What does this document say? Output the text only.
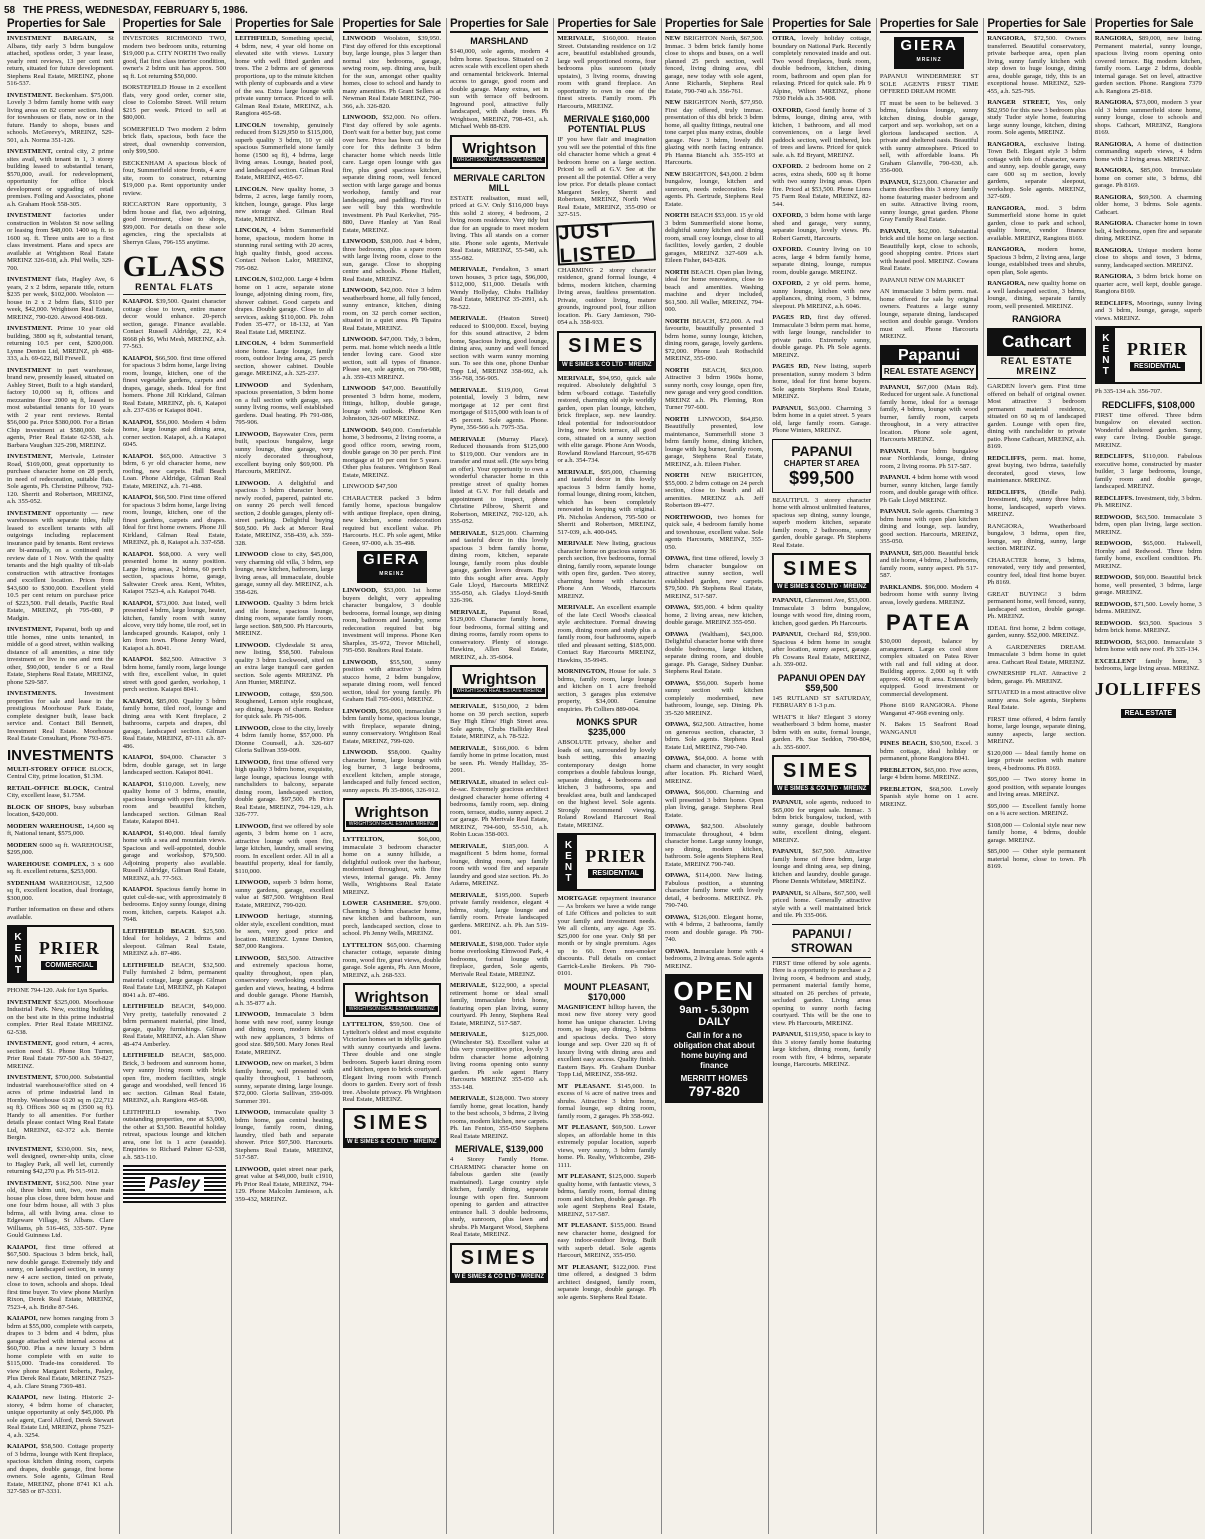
58 THE PRESS, WEDNESDAY, FEBRUARY 5, 1986.
Properties for Sale
INVESTMENT BARGAIN, St Albans, tidy early 3 bdrm bungalow attached, spotless order, 3 year lease, yearly rent reviews, 13 per cent nett return, situated for future development. Stephens Real Estate, MREINZ, phone 516-537.
INVESTMENT. Beckenham. $75,000. Lovely 3 bdrm family home with easy living areas on 82 corner section. Ideal for townhouses or flats, now or in the future. Handy to shops, buses and schools. McGreevy's, MREINZ, 529-501, a.h. Norma 351-126.
INVESTMENT, central city, 2 prime sites avail, with tenant in 1, 3 storey building leased to substantial tenant, $570,000, avail. for redevelopment, opportunity for office block development or upgrading of retail premises. Foiling and Associates, phone a.h. Graham Hook 558-305.
INVESTMENT factories under construction in Wolston St now selling or leasing from $48,000. 1400 sq. ft. to 1600 sq. ft. Three units are to a first class investment. Plans and specs are available at Wrightson Real Estate MREINZ 326-618, a.h. Phil Wells, 329-700.
INVESTMENT flats, Hagley Ave, 6 years, 2 x 2 bdrm, separate title, return $235 per week, $102,000. Woolston — house in 2 x 2 bdrm flats, $110 per week, $42,000. Wrightson Real Estate, MREINZ, 790-020. Atwood 498-969.
INVESTMENT. Prime 10 year old building, 3800 sq ft, substantial tenant, returning 10.5 per cent, $200,000. Lynne Denton Ltd, MREINZ, ph 488-333, a.h. 69-622, Bill Frewell.
INVESTMENT in part warehouse, brand new, presently leased, situated on Ashley Street, Built to a high standard, factory 10,000 sq ft, offices and mezzanine floor 2000 sq ft, leased to most substantial tenants for 10 years with 2 year rent reviews. Rental $56,000 pa. Price $380,000. For a Brian Chip investment at $580,000. Sole agents, Prier Real Estate 62-538, a.h. Barbara Vaughan 325-298, MREINZ.
INVESTMENT, Merivale, Leinster Road, $169,000, great opportunity to purchase character home on 28 perch, in need of redecoration, suitable flats. Sole agents, Ph. Christine Pilbrow, 792-120. Sherrit and Robertson, MREINZ, a.h. 355-052.
INVESTMENT opportunity — new warehouses with separate titles, fully leased to excellent tenants with all outgoings including replacement insurance paid by tenants. Rent reviews are bi-annually, on a continued rent review date of 1 Nov. With the quality tenants and the high quality of tilt-slab construction with attractive frontages and excellent location. Prices from $43,600 to $300,000. Excellent yield 10.5 per cent return on purchase price of $223,500. Full details, Pacific Real Estate, MREINZ, ph 795-080, P Madgin.
INVESTMENT, Papanui, both up and title homes, nine units tenanted, in middle of a good street, within walking distance of all amenities, a nine tidy investment or live in one and rent the other, $90,000, tender 6 or a Real Estate, Stephens Real Estate, MREINZ, phone 529-587.
INVESTMENTS.	Investment properties for sale and lease in the prestigious Moorhouse Park Estate, complete designer built, lease back service and. Contact Bill Bennett, Investment Real Estate. Moorhouse Real Estate Consultant, Phone 793-875.
INVESTMENTS
MULTI-STOREY OFFICE BLOCK, Central City, prime location, $1.3M.
RETAIL-OFFICE BLOCK, Central City, excellent lease, $1.75M.
BLOCK OF SHOPS, busy suburban location, $420,000.
MODERN WAREHOUSE, 14,600 sq ft, National tenant, $575,000.
MODERN 6000 sq ft. WAREHOUSE, $295,000.
WAREHOUSE COMPLEX, 3 x 600 sq. ft. excellent returns, $253,000.
SYDENHAM WAREHOUSE, 12,500 sq ft, excellent location, dual frontage, $300,000.
Further information on these and others available.
K
E
N
T
PRIER
COMMERCIAL
PHONE 794-120. Ask for Lyn Sparks.
INVESTMENT $325,000. Moorhouse Industrial Park. New, exciting building on the best site in this prime industrial complex. Prier Real Estate MREINZ. 62-538.
INVESTMENT, good return, 4 acres, section need $1. Phone Ron Turner, Prier Real Estate 797-500 a.h. 59-827, MREINZ.
INVESTMENT, $700,000. Substantial industrial warehouse/office sited on 4 acres of prime industrial land in Hornby. Warehouse 6120 sq m (22,712 sq ft). Offices 360 sq m (3500 sq ft). Handy to all amenities. For further details please contact Wing Real Estate Ltd, MREINZ, 62-372 a.h. Bernie Bergin.
INVESTMENT, $330,000. Six, new, well designed, owner-ship units, close to Hagley Park, all well let, currently returning $42,270 p.a. Ph 515-912.
INVESTMENT, $162,500. Nine year old, three bdrm unit, two, own main house plus close, three bdrm house and one four bdrm house, all with 3 plus bdrms, all with living area. close to Edgeware Village, St Albans. Clare Williams, ph 516-465, 335-507. Pyne Gould Guinness Ltd.
KAIAPOI, first time offered at $67,500. Spacious 3 bdrm brick, hall, new double garage. Extremely tidy and sunny, on landscaped section, in sunny new 4 acre section, tinted on private, close to town, schools and shops. Ideal first time buyer. To view phone Marilyn Rixon, Derek Real Estate, MREINZ, 7523-4, a.h. Bridie 87-546.
KAIAPOI, new homes ranging from 3 bdrm at $55,000, complete with carpets, drapes to 3 bdrm and 4 bdrm, plus garage attached with internal access at $60,700. Plus a new luxury 3 bdrm home complete with en suite to $115,000. Trade-ins considered. To view phone Margaret Roberts, Pasley, Plus Derek Real Estate, MREINZ 7523-4, a.h. Clare Strang 7369-481.
KAIAPOI, new listing. Historic 2-storey, 4 bdrm home of character, unique opportunity at only $45,000. Ph sole agent, Carol Alford, Derek Stewart Real Estate Ltd, MREINZ, phone 7523-4, a.h. 3254.
KAIAPOI, $58,500. Cottage property of 3 bdrms, lounge with Kent fireplace, spacious kitchen dining room, carpets and drapes, double garage, first home owners. Sole agents, Gilman Real Estate, MREINZ, phone 8741 K1 a.h. 327-583 or 87-3331.
Properties for Sale
INVESTORS RICHMOND TWO, modern two bedroom units, returning $19,000 p.a. CITY NORTH Two really good, flat first class interior condition, owner's 2 bdrm unit has approx. 500 sq ft. Lot returning $50,000.
BORSTEFIELD House in 2 excellent flats, very good order, corner site, close to Colombo Street. Will return $215 per week. Priced to sell at $80,000.
SOMERFIELD Two modern 2 bdrm brick flats, spacious, both face the street, dual ownership conversion, only $99,500.
BECKENHAM A spacious block of four, Summerfield stone fronts, 4 acre site, room to construct, returning $19,000 p.a. Rent opportunity under review.
RICCARTON Rare opportunity, 3 bdrm house and flat, two adjoining, good investment, close to shops, $99,000. For details on these sole agencies, ring the specialists at Sherryn Glass, 796-155 anytime.
GLASS
RENTAL FLATS
KAIAPOI. $39,500. Quaint character cottage close to town, entire manor decor would enhance. 20-perch section, garage. Finance available. Contact Russell Aldridge, 22, K:4 R668 ph $6, Whi Mesh, MREINZ, a.h. 77-563.
KAIAPOI, $66,500. first time offered for spacious 3 bdrm home, large living room, lounge, kitchen, one of the finest vegetable gardens, carpets and drapes, garage, sheds. Ideal for first homers. Phone Jill Kirkland, Gilman Real Estate, MREINZ, ph. 6, Kaiapoi a.h. 237-636 or Kaiapoi 8041.
KAIAPOI, $56,000. Modern 4 bdrm home, large lounge and dining area, corner section. Kaiapoi, a.h. a Kaiapoi 6045.
KAIAPOI. $65,000. Attractive 3 bdrm, 6 yr old character home, new roofing, new carpets. Hall Beach Loan. Phone Aldridge, Gilman Real Estate, MREINZ, a.h. 71-488.
KAIAPOI, $66,500. First time offered for spacious 3 bdrm home, large living room, lounge, kitchen, one of the finest gardens, carpets and drapes. Ideal for first home owners. Phone Jill Kirkland, Gilman Real Estate, MREINZ, ph. 8, Kaiapoi a.h. 337-658.
KAIAPOI. $68,000. A very well presented home in sunny position. Large living areas, 2 bdrms, 60 perch section, spacious home, garage, Saltwater Creek area. Kent, Whites, Kaiapoi 7523-4, a.h. Kaiapoi 7648.
KAIAPOI, $73,000. Just listed, well presented 4 bdrm, large lounge, heater, kitchen, family room with sunny alcove, very tidy home, tile roof, set in landscaped grounds. Kaiapoi, only 1 km from town. Phone Jenny Ward, Kaiapoi a.h. 8041.
KAIAPOI. $82,500. Attractive 3 bdrm home, family room, large lounge with fire, excellent value, in quiet street with good garden, workshop, 1 perch section. Kaiapoi 8041.
KAIAPOI, $85,000. Quality 3 bdrm family home, tiled roof, lounge and dining area with Kent fireplace, 2 bathrooms, carpets and drapes, dbl garage, landscaped section. Gilman Real Estate, MREINZ, 87-111 a.h. 87-486.
KAIAPOI, $94,000. Character 3 bdrm, double garage, set in large landscaped section. Kaiapoi 8041.
KAIAPOI, $110,000. Lovely, new quality home of 3 bdrms, ensuite, spacious lounge with open fire, family room and beautiful kitchen, landscaped section. Gilman Real Estate, Kaiapoi 8041.
KAIAPOI, $140,000. Ideal family home with a sea and mountain views. Spacious and well-appointed, double garage and workshop, $79,500. Adjoining property also available. Russell Aldridge, Gilman Real Estate, MREINZ, a.h. 77-563.
KAIAPOI. Spacious family home in quiet cul-de-sac, with approximately 8 bedrooms. Enjoy sunny lounge, dining room, kitchen, carpets. Kaiapoi a.h. 7648.
LEITHFIELD BEACH. $25,500. Ideal for holidays, 2 bdrms and sleepout. Gilman Real Estate, MREINZ a.h. 87-486.
LEITHFIELD BEACH, $32,500. Fully furnished 2 bdrm, permanent material cottage, large garage. Gilman Real Estate Ltd, MREINZ, ph Kaiapoi 8041 a.h. 87-486.
LEITHFIELD BEACH, $49,000. Very pretty, tastefully renovated 2 bdrm permanent material, pine lined, garage, quality furnishings. Gilman Real Estate, MREINZ, a.h. Alan Shaw 48-474 Amberley.
LEITHFIELD BEACH, $85,000. Brick, 3 bedroom and sunroom home, very sunny living room with brick open fire, modern facilities, single garage and woodshed, well fenced 16 sec section. Gilman Real Estate, MREINZ, a.h. Rangiora 465-68.
LEITHFIELD township. Two outstanding properties, one at $3,000, the other at $3,500. Beautiful holiday retreat, spacious lounge and kitchen area, one lot is 1 acre (seaside). Enquiries to Richard Palmer 62-538, a.h. 583-110.
Pasley
Properties for Sale
LEITHFIELD, Something special, 4 bdrm, new, 4 year old home on elevated site with views. Luxury home with well fitted garden and trees. The 2 bdrms are of generous proportions, up to the minute kitchen with plenty of cupboards and a view of the sea. Extra large lounge with private sunny terrace. Priced to sell. Gilman Real Estate, MREINZ, a.h. Rangiora 465-68.
LINCOLN township, genuinely reduced from $129,950 to $115,000, superb quality 3 bdrm, 10 yr old spacious Summerfield stone family home (1500 sq ft), 4 bdrms, large living areas. Lounge, heated pool, and landscaped section. Gilman Real Estate, MREINZ, 465-67.
LINCOLN. New quality home, 3 bdrms, 2 acres, large family room, kitchen, lounge, garage. Plus large new storage shed. Gilman Real Estate, MREINZ.
LINCOLN, 4 bdrm Summerfield home, spacious, modern home in stunning rural setting with 20 acres, high quality finish, good access. Contact Nelson Lalor, MREINZ, 795-082.
LINCOLN, $102,000. Large 4 bdrm home on 1 acre, separate stone lounge, adjoining dining room, fire, shower cabinet. Good carpets and drapes. Double garage. Close to all services, asking $110,000. Ph. John Foden 35-477, or 18-132, at Yan Real Estate Ltd, MREINZ.
LINCOLN, 4 bdrm Summerfield stone home. Large lounge, family room, outdoor living area, 25 perch section, shower cabinet. Double garage. MREINZ, a.h. 325-237.
LINWOOD and Sydenham, spacious presentation, 3 bdrm home on a full section with garage, sep. sunny living rooms, well established gardens. Dual heating. Ph 791-086, 795-906.
LINWOOD, Bayswater Cres, perm built, spacious bungalow, large sunny lounge, dine garage, very nicely decorated throughout, excellent buying only $69,900. Ph Harcourts, MREINZ.
LINWOOD. A delightful and spacious 3 bdrm character home, newly roofed, papered, painted etc. on sunny 26 perch well fenced section, 2 double garages, plenty off-street parking. Delightful buying $69,500. Ph Jack at Mercer Real Estate, MREINZ, 358-439, a.h. 359-328.
LINWOOD close to city, $45,000, very charming old villa, 3 bdrm, sep lounge, new kitchen, bathroom, large living areas, all immaculate, double garage, sunny all day. MREINZ, a.h. 358-626.
LINWOOD. Quality 3 bdrm brick and tile home, spacious lounge, dining room, separate family room, large section. $89,500. Ph Harcourts, MREINZ.
LINWOOD. Clydesdale St area, new listing, $58,500. Fabulous quality 3 bdrm Lockwood, sited on an extra large tranquil care garden section. Sole agents MREINZ. Ph Ann Hunter, MREINZ.
LINWOOD, cottage, $59,500. Roughened, Lemon style roughcast, sep dining, heaps of charm. Reduce for quick sale. Ph 795-006.
LINWOOD, close to the city, lovely 4 bdrm family home, $57,000. Ph Dionne Counsell, a.h. 326-607 Gloria Sullivan 359-009.
LINWOOD, first time offered very high quality 3 bdrm home, exquisite, large lounge, spacious lounge with ranchsliders to balcony, separate dining room, landscaped section, double garage. $97,500. Ph Prior Real Estate, MREINZ, 794-129, a.h. 326-777.
LINWOOD, first we offered by sole agents, 3 bdrm home on 1 acre, attractive lounge with open fire, large kitchen, laundry, small sewing room. In excellent order. All in all a beautiful property, ideal for family, $110,000.
LINWOOD, superb 3 bdrm home, sunny gardens, garage, excellent value at $87,500. Wrightson Real Estate, MREINZ, 799-020.
LINWOOD heritage, stunning, older style, excellent condition, must be seen, very good price and location. MREINZ. Lynne Denton, $87,000 Rangiora.
LINWOOD, $83,500. Attractive and extremely spacious home, quality throughout, open plan, conservatory overlooking excellent garden and views, heating, 4 bdrms and double garage. Phone Hamish, a.h. 35-877 a.h.
LINWOOD, Immaculate 3 bdrm home with new roof, sunny lounge and dining room, modern kitchen with new appliances, 3 bdrms of good size. $89,500. Mary Jones Real Estate, MREINZ.
LINWOOD, new on market, 3 bdrm family home, well presented with quality throughout, 1 bathroom, sunny, separate dining, large lounge. $72,000. Gloria Sullivan, 359-009. Summer 391.
LINWOOD, immaculate quality 3 bdrm home, gas central heating, lounge, family room, dining, laundry, tiled bath and separate shower. Price $97,500. Harcourts. Stephens Real Estate, MREINZ, 517-587.
LINWOOD, quiet street near park, great value at $49,000, built c1910, Ph Prior Real Estate, MREINZ, 794-129. Phone Malcolm Jamieson, a.h. 359-432, MREINZ.
Properties for Sale
LINWOOD Woolston, $39,950. First day offered for this exceptional buy, large lounge, plus 3 larger than normal size bedrooms, garage, sewing room, sep. dining area, built for the sun, amongst other quality homes, close to school and handy to many amenities. Ph Grant Sellers at Newman Real Estate MREINZ, 790-366, a.h. 326-820.
LINWOOD, $52,000. No offers. First day offered by sole agents. Don't wait for a better buy, just come over here. Price has been cut to the core for this definite 3 bdrm character home which needs little care. Large open lounge with gas fire, plus good spacious kitchen, separate dining room, well fenced section with large garage and bonus workshop, family and rear landscaping, and paddling. First to see will buy this worthwhile investment. Ph Paul Kerkvliet, 795-880, Dave Hanley at Yan Real Estate, MREINZ.
LINWOOD, $38,000. Just 4 bdrm, three bedrooms, plus a spare room with large living room, close to the sun, garage. Close to shopping centre and schools. Phone Hallett, Real Estate, MREINZ.
LINWOOD, $42,000. Nice 3 bdrm weatherboard home, all fully fenced, sunny entrance, kitchen, dining room, on 32 perch corner section, situated in a quiet area. Ph Tapaira Real Estate, MREINZ.
LINWOOD. $47,000. Tidy, 3 bdrm, perm. mat. home which needs a little tender loving care. Good size section, suit all types of finance. Please see, sole agents, on 790-988, a.h. 359-433 MREINZ.
LINWOOD $47,000. Beautifully presented 3 bdrm home, modern, fittings, hilltop, double garage, lounge with outlook. Phone Ken Johnston, 326-607 MREINZ.
LINWOOD. $49,000. Comfortable home, 3 bedrooms, 2 living rooms, a good office room, sewing room, double garage on 30 per perch. First mortgage at 10 per cent for 5 years. Other plus features. Wrightson Real Estate, MREINZ.
LINWOOD $47,500
CHARACTER packed 3 bdrm family home, spacious bungalow with antique fireplace, open dining, new kitchen, some redecoration required but excellent value. Ph Harcourts. H.C. Ph sole agent, Mike Green, 97-000, a.h. 35-498.
GIERA
MREINZ
LINWOOD, $53,000. 1st home buyers delight, very appealing character bungalow, 3 double bedrooms, formal lounge, sep dining room, bathroom and laundry, some redecoration required but big investment will impress. Phone Ken Sharples, 35-972, Trevor Mitchell, 795-050. Realtors Real Estate.
LINWOOD, $55,500, sunny position with attractive 3 bdrm stucco home, 2 bdrm bungalow, separate dining room, well fenced section, ideal for young family. Ph Graham Hall 795-0061, MREINZ.
LINWOOD, $56,000, immaculate 3 bdrm family home, spacious lounge, with fireplace, separate dining, sunny conservatory. Wrightson Real Estate, MREINZ, 799-020.
LINWOOD. $58,000. Quality character home, large lounge with log burner, 3 large bedrooms, excellent kitchen, ample storage, landscaped and fully fenced section, sunny aspects. Ph 35-8066, 326-912.
Wrightson
WRIGHTSON REAL ESTATE MREINZ
LYTTELTON,	$66,000, immaculate 3 bedroom character home on a sunny hillside, a delightful outlook over the harbour, modernised throughout, with fine views, internal garage. Ph. Jenny Wells, Wrightsons Real Estate MREINZ.
LOWER CASHMERE. $79,000. Charming 3 bdrm character home, new kitchen and bathroom, sun porch, landscaped section, close to school. Ph Jenny Wells, MREINZ.
LYTTELTON $65,000. Charming character cottage, separate dining room, wood fire, great views, double garage. Sole agents, Ph. Ann Moore, MREINZ, a.h. 268-533.
Wrightson
WRIGHTSON REAL ESTATE MREINZ
LYTTELTON, $59,500. One of Lyttelton's oldest and most exquisite Victorian homes set in idyllic garden with sunny courtyards and lawns. Three double and one single bedroom. Superb kauri dining room and kitchen, open to brick courtyard. Elegant living room with French doors to garden. Every sort of fresh tree. Absolute privacy. Ph Wrightson Real Estate, MREINZ.
SIMES
W E SIMES & CO LTD · MREINZ
Properties for Sale
MARSHLAND
$140,000, sole agents, modern 4 bdrm home. Spacious. Situated on 2 acres scale with excellent open sheds and ornamental brickwork. Internal access to garage, good room and double garage. Many extras, set in sun with terrace off bedroom. Inground pool, attractive fully landscaped, with shade trees. Ph Wrightson, MREINZ, 798-451, a.h. Michael Webb 88-839.
Wrightson
WRIGHTSON REAL ESTATE MREINZ
MERIVALE CARLTON MILL
ESTATE realisation, must sell, priced at G.V. Only $116,000 buys this solid 2 storey, 4 bedroom, 2 living room residence. Very tidy but due for an upgrade to meet modern living. This all stands on a corner site. Phone sole agents, Merivale Real Estate, MREINZ, 55-540, a.h. 355-082.
MERIVALE, Fendalton, 3 smart town houses, 3 price tags, $96,000, $112,000, $11,000. Details with Wendy Hollyday, Chubs Halliday Real Estate, MREINZ 35-2091, a.h. 78-522.
MERIVALE. (Heaton Street) reduced to $100,000. Excel, buying for this sound attractive, 2 bdrm home, Spacious living, good lounge, dining area, sunny and well fenced section with warm sunny morning sun. To see this one, phone Dunbar Topp Ltd, MREINZ 358-992, a.h. 356-768, 356-905.
MERIVALE. $119,000, Great potential, lovely 3 bdrm, new mortgage at 12 per cent first mortgage of $115,000 with loan is of 45 percent. Sole agents. Phone. Pyne, 356-566 a.h. 7975-35a.
MERIVALE (Murray Place). Reduced thousands from $125,000 to $119,000. Our vendors are in transfer and must sell. (He says bring an offer). Your opportunity to own a wonderful character home in this prestige street of quality homes listed at G.V. For full details and appointment to inspect, phone Christine Pilbrow, Sherrit and Robertson, MREINZ, 792-120, a.h. 355-052.
MERIVALE, $125,000. Charming and tasteful decor in this lovely spacious 3 bdrm family home, dining room, kitchen, separate lounge, family room plus double garage, garden lovers dream. Buy into this sought after area. Apply Gale Lloyd, Harcourts MREINZ 355-050, a.h. Gladys Lloyd-Smith 326-396.
MERIVALE, Papanui Road, $129,000. Character family home, four bedrooms, formal sitting and dining rooms, family room opens to conservatory. Plenty of storage. Hawkins, Allen Real Estate, MREINZ, a.h. 35-6064.
Wrightson
WRIGHTSON REAL ESTATE MREINZ
MERIVALE, $150,000, 2 bdrm home on 39 perch section, superb Bay High Elms/ High Street area. Sole agents, Chubs Halliday Real Estate, MREINZ, a.h. 78-522.
MERIVALE, $166,000. 6 bdrm family home in prime location, must be seen. Ph. Wendy Halliday, 35-2091.
MERIVALE, situated in select cul-de-sac. Extremely gracious architect designed character home offering 4 bedrooms, family room, sep. dining room, terrace, studio, sunny aspect. 2 car garage. Ph Merivale Real Estate, MREINZ, 794-600, 55-510, a.h. Robin Lucas 358-003.
MERIVALE, $185,000. A magnificent 5 bdrm home, formal lounge, dining room, sep family room with wood fire and separate laundry and good size section. Ph. Jo Adams, MREINZ.
MERIVALE, $195,000. Superb private family residence, elegant 4 bdrms, study, large lounge and family room. Private landscaped gardens. MREINZ. a.h. Ph. Jan 519-001.
MERIVALE, $198,000. Tudor style home overlooking Elmwood Park, 4 bedrooms, formal lounge with fireplace, garden, Sole agents, Merivale Real Estate, MREINZ.
MERIVALE, $122,900, a special retirement home or ideal small family, immaculate brick home, featuring open plan living, sunny courtyard. Ph Jenny, Stephens Real Estate, MREINZ, 517-587.
MERIVALE,	$125,000. (Winchester St). Excellent value at this very competitive price, lovely 3 bdrm character home adjoining living rooms opening onto sunny garden. Ph sole agent Harry Harcourts MREINZ 355-050 a.h. 353-148.
MERIVALE, $128,000. Two storey family home, great location, handy to the best schools, 3 bdrms, 2 living rooms, modern kitchen, new carpets. Ph. Ian Fenton, 355-050 Stephens Real Estate MREINZ.
MERIVALE, $139,000
4 Storey Family Home. CHARMING character home on fabulous garden site (easily maintained). Large country style kitchen, family dining, separate lounge with open fire. Sunroom opening to garden and attractive entrance hall. 3 double bedrooms, study, sunroom, plus lawn and shrubs. Ph Margaret Wood, Stephens Real Estate, MREINZ.
SIMES
W E SIMES & CO LTD · MREINZ
Properties for Sale
MERIVALE, $160,000. Heaton Street. Outstanding residence on 1/2 acre, beautiful established grounds, large well proportioned rooms, four bedrooms plus sunroom (study upstairs), 3 living rooms, drawing room with grand fireplace. An opportunity to own in one of the finest streets. Family room. Ph Harcourts, MREINZ.
MERIVALE $160,000 POTENTIAL PLUS
IF you have flair and imagination you will see the potential of this fine old character home which a great 4 bedroom home on a large section. Priced to sell at G.V. See at the present all the potential. Offer a very low price. For details please contact Margaret Seeley, Sherrit and Robertson, MREINZ, North West Real Estate, MREINZ, 355-090 or 327-515.
JUST LISTED
CHARMING 2 storey character residence, grand formal lounge, 4 bdrms, modern kitchen, charming living areas, faultless presentation. Private, outdoor living, mature grounds, inground pool, four zillion location. Ph. Gary Jamieson, 790-054 a.h. 358-933.
SIMES
W E SIMES & CO LTD · MREINZ
MERIVALE, $94,950, quick sale required. Absolutely delightful 3 bdrm w/board cottage. Tastefully restored, charming old style worldly garden, open plan lounge, kitchen, brick fireplace, sep. new laundry. Ideal potential for indoor/outdoor living, new brick terrace, all good cons, situated on a sunny section with elite garage. Phone Ann Woods, Rowland Rowland Harcourt, 95-678 or a.h. 354-734.
MERIVALE, $95,000, Charming and tasteful decor in this lovely spacious 3 bdrm family home, formal lounge, dining room, kitchen, which has been completely renovated in keeping with original. Ph. Nicholas Anderson, 795-500 or Sherrit and Robertson, MREINZ, 517-039, a.h. 400-045.
MERIVALE New listing, gracious character home on gracious sunny 36 perch section, five bedrooms, formal dining, family room, separate lounge with open fire, garden. Two storey, charming home with character. Phone Ann Woods, Harcourts MREINZ.
MERIVALE. An excellent example of the late Cecil Wood's classical style architecture. Formal drawing room, dining room and study plus a family room, four bathrooms, superb tiled and pleasant setting, $185,000. Contact Ray Harcourts MREINZ, Hawkins, 35-9945.
MORNINGTON, House for sale. 3 bdrms, family room, large lounge and kitchen on 1 acre freehold section, 3 garages plus extensive property, $34,000. Genuine enquiries. Ph Colliers 889-004.
MONKS SPUR $235,000
ABSOLUTE privacy, shelter and loads of sun, surrounded by lovely bush setting, this amazing contemporary design home comprises a double fabulous lounge, separate dining, 4 bedrooms and kitchen, 3 bathrooms, spa and breakfast area, built and landscaped on the highest level. Sole agents. Strongly recommend viewing. Roland Rowland Harcourt Real Estate, MREINZ.
K
E
N
T
PRIER
RESIDENTIAL
MORTGAGE repayment insurance — As brokers we have a wide range of Life Offices and policies to suit your family and investment needs. We all clients, any age. Age 35. $25,000 for one year. Only $8 per month or by single premium. Ages up to 60. Even non-smoker discounts. Full details on contact Garrick-Leslie Brokers. Ph 790-0101.
MOUNT PLEASANT, $170,000
MAGNIFICENT hilltop haven, the most new five storey very good home has unique character. Living room, so huge, sep dining, 3 bdrms and spacious decks. Two story lounge and sep. Over 220 sq ft of luxury living with dining area and excellent easy access. Quality finish. Eastern Bays. Ph. Graham Dunbar Topp Ltd, MREINZ, 358-992.
MT PLEASANT. $145,000. In excess of ¼ acre of native trees and shrubs. Attractive 3 bdrm home, formal lounge, sep dining room, family room, 2 garages. Ph 358-992.
MT PLEASANT, $69,500. Lower slopes, an affordable home in this extremely popular location, superb views, very sunny, 3 bdrm family home. Ph. Realty, Whitcombe, 298-1111.
MT PLEASANT, $125,000. Superb quality home, with fantastic views, 3 bdrms, family room, formal dining room and kitchen, double garage. Ph sole agent Stephens Real Estate, MREINZ, 517-587.
MT PLEASANT. $155,000. Brand new character home, designed for easy indoor-outdoor living. Built with superb detail. Sole agents Harcourt, MREINZ, 355-050.
MT PLEASANT, $122,000. First time offered, a designed 3 bdrm architect designed, family room, separate lounge, double garage. Ph sole agents. Stephens Real Estate.
Properties for Sale
NEW BRIGHTON North, $67,500. Immac. 3 bdrm brick family home close to shops and buses, on a well planned 25 perch section, well fenced, living dining area, dbl garage, new today with sole agent, Anne Richards, Stephens Real Estate, 790-740 a.h. 356-761.
NEW BRIGHTON North, $77,950. First day offered, truly immac. presentation of this dbl brick 3 bdrm home, all quality fittings, neutral one tone carpet plus many extras, double garage. New 3 bdrm, lovely dbl glazing with north facing entrance. Ph Hanna Bianchi a.h. 355-193 at Harcourts.
NEW BRIGHTON, $43,000. 2 bdrm bungalow, lounge, kitchen and sunroom, needs redecoration. Sole agents. Ph. Gertrude, Stephens Real Estate.
NORTH BEACH $53,000. 15 yr old 3 bdrm Summerfield stone home, delightful sunny kitchen and dining room, small cosy lounge, close to all facilities, lovely garden, 2 double garages, MREINZ 327-609 a.h. Eileen Fisher, 843-826.
NORTH BEACH. Open plan living, ideal for home renovators, close to beach and amenities. Washing machine and dryer included, $61,500. Jill Waller, MREINZ, 794-000.
NORTH BEACH, $72,000. A real favourite, beautifully presented 3 bdrm home, sunny lounge, kitchen, dining room, garage, lovely gardens. $72,000. Phone Leah Rothschild MREINZ, 355-090.
NORTH BEACH, $63,000. Attractive 3 bdrm 1960s home, sunny north, cosy lounge, open fire, new garage and very good condition. MREINZ a.h. Ph. Fleming, Ron Turner 797-600.
NORTH LINWOOD, $64,850. Beautifully presented, low maintenance, Summerhill stone 3 bdrm family home, dining kitchen, lounge with log burner, family room, garage, Stephens Real Estate, MREINZ, a.h. Eileen Fisher.
NORTH NEW BRIGHTON, $55,000. 2 bdrm cottage on 24 perch section, close to beach and all amenities. MREINZ a.h. Jeff Robertson 89-477.
NORTHWOOD, two homes for quick sale, 4 bedroom family home and townhouse, excellent value. Sole agents Harcourts, MREINZ, 355-050.
OPAWA, first time offered, lovely 3 bdrm character bungalow on attractive sunny section, well established garden, new carpets. $79,500. Ph Stephens Real Estate, MREINZ, 517-587.
OPAWA, $95,000. 4 bdrm quality home, 2 living areas, new kitchen, double garage. MREINZ 355-050.
OPAWA (Waltham), $43,000. Delightful character home with three double bedrooms, large kitchen, separate dining room, and double garage. Ph. Garage, Sidney Dunbar. Stephens Real Estate.
OPAWA, $56,000. Superb home sunny section with kitchen completely modernised, new bathroom, lounge, sep. Dining. Ph. 35-520 MREINZ.
OPAWA, $62,500. Attractive, home on generous section, character, 3 bdrm. Sole agents. Stephens Real Estate Ltd, MREINZ, 790-740.
OPAWA, $64,000. A home with charm and character, in very sought after location. Ph. Richard Ward, MREINZ.
OPAWA, $66,000. Charming and well presented 3 bdrm home. Open plan living, garage. Stephens Real Estate.
OPAWA, $82,500. Absolutely immaculate throughout, 4 bdrm character home. Large sunny lounge, sep dining, modern kitchen, bathroom. Sole agents Stephens Real Estate, MREINZ 790-740.
OPAWA, $114,000. New listing. Fabulous position, a stunning character family home with lovely detail, 4 bedrooms. MREINZ. Ph. 790-740.
OPAWA, $126,000. Elegant home, with 4 bdrms, 2 bathrooms, family room and double garage. Ph 790-740.
OPAWA. Immaculate home with 4 bedrooms, 2 living areas. Sole agents MREINZ.
OPEN
9am - 5.30pm DAILY
Call in for a no obligation chat about home buying and finance
MERRITT HOMES
797-820
Properties for Sale
OTIRA, lovely holiday cottage, boundary on National Park. Recently completely renovated inside and out. Two wood fireplaces, bunk room, double bedroom, kitchen, dining room, bathroom and open plan for relaxing. Priced for quick sale. Ph 9 Alpine, Wilton MREINZ, phone 7930 Fields a.h. 35-908.
OXFORD, Good family home of 3 bdrms, lounge, dining area, with kitchen, 1 bathroom, and all mod conveniences, on a large level paddock section, well timbered, lots of trees and lawns. Priced for quick sale. a.h. Ed Bryant, MREINZ.
OXFORD. 2 bedroom home on 2 acres, extra sheds, 600 sq ft home with two sunny living areas. Open fire. Priced at $53,500. Phone Lions 75 Farm Real Estate, MREINZ, 82-544.
OXFORD, 3 bdrm home with large shed and garage, very sunny, separate lounge, lovely views. Ph. Robert Garrett, Harcourts.
OXFORD. Country living on 10 acres, large 4 bdrm family home, separate dining, lounge, rumpus room, double garage. MREINZ.
OXFORD, 2 yr old perm. home, sunny lounge, kitchen with new appliances, dining room, 3 bdrms, sleepout. Ph MREINZ, a.h. 6046.
PAGES RD, first day offered. Immaculate 3 bdrm perm mat. home, with large lounge, ranchslider to private patio. Extremely sunny, double garage. Ph. Ph Sole agents. MREINZ.
PAGES RD, New listing, superb presentation, sunny modern 3 bdrm home, ideal for first home buyers. Sole agents Stephens Real Estate, MREINZ.
PAPANUI, $63,000. Charming 3 bdrm home in a quiet street. 5 years old, large family room. Garage. Phone Winters, MREINZ.
PAPANUI
CHAPTER ST AREA
$99,500
BEAUTIFUL 3 storey character home with almost unlimited features, spacious sep dining, sunny lounge, superb modern kitchen, separate family room, 2 bathrooms, sunny garden, double garage. Ph Stephens Real Estate.
SIMES
W E SIMES & CO LTD · MREINZ
PAPANUI, Claremont Ave, $53,000. Immaculate 3 bdrm bungalow, lounge with wood fire, dining room, kitchen, good garden. Ph Harcourts.
PAPANUI, Orchard Rd, $59,900. Spacious 4 bdrm home in sought after location, sunny aspect, garage. Ph Cowans Real Estate, MREINZ, a.h. 359-002.
PAPANUI OPEN DAY $59,500
145 RUTLAND ST SATURDAY, FEBRUARY 8 1-3 p.m.
WHAT'S it like? Elegant 3 storey weatherboard 3 bdrm home, master bdrm with en suite, formal lounge, garden. Ph. Sue Seddon, 790-804, a.h. 355-6007.
SIMES
W E SIMES & CO LTD · MREINZ
PAPANUI, sole agents, reduced to $65,000 for urgent sale. Immac. 3 bdrm brick bungalow, tucked, with sunny garage, double bathroom suite, excellent dining, elegant. MREINZ.
PAPANUI, $67,500. Attractive family home of three bdrm, large lounge and dining area, sep dining, kitchen and laundry, double garage. Phone Dennis Whitelaw, MREINZ.
PAPANUI, St Albans, $67,500, well priced home. Generally attractive style with a well maintained brick and tile. Ph 335-066.
PAPANUI / STROWAN
FIRST time offered by sole agents. Here is a opportunity to purchase a 2 living room, 4 bedroom and study, permanent material family home, situated on 26 perches of private, secluded garden. Living areas opening to sunny north facing courtyard. This will be the one to view. Ph Harcourts, MREINZ.
PAPANUI, $119,950, space is key to this 3 storey family home featuring large kitchen, dining room, family room with fire, 4 bdrms, separate lounge, Harcourts. MREINZ.
Properties for Sale
GIERA
MREINZ
PAPANUI WINDERMERE ST SOLE AGENTS FIRST TIME OFFERED DREAM HOME
IT must be seen to be believed. 3 bdrms, fabulous lounge, sunny kitchen dining, double garage, carport and sep. workshop, set on a glorious landscaped section. A private and sheltered oasis. Beautiful with sunny atmosphere. Priced to sell, with affordable loans. Ph Graham Glanville, 790-630, a.h. 356-000.
PAPANUI, $123,000. Character and charm describes this 3 storey family home featuring master bedroom and en suite. Attractive living room, sunny lounge, great garden. Phone Gray Family Real Estate.
PAPANUI, $62,000. Substantial brick and tile home on large section. Beautifully kept, close to schools, good shopping centre. Prices start with heated pool. MREINZ. Cowans Real Estate.
PAPANUI NEW ON MARKET
AN immaculate 3 bdrm perm. mat. home offered for sale by original owners. Features a large sunny lounge, separate dining, landscaped section and double garage. Vendors must sell. Phone Harcourts MREINZ.
Papanui
REAL ESTATE AGENCY
PAPANUI, $67,000 (Main Rd). Reduced for urgent sale. A functional family home, ideal for a teenage family, 4 bdrms, lounge with wood burner, family room, carpets throughout, in a very attractive location. Phone sole agent, Harcourts MREINZ.
PAPANUI. Four bdrm bungalow near Northlands, lounge, dining room, 2 living rooms. Ph 517-587.
PAPANUI. 4 bdrm home with wood burner, sunny kitchen, large family room, and double garage with office. Ph Gale Lloyd MREINZ.
PAPANUI. Sole agents. Charming 3 bdrm home with open plan kitchen dining and lounge, sep. laundry, good section. Harcourts, MREINZ, 355-050.
PAPANUI, $85,000. Beautiful brick and tile home, 4 bdrms, 2 bathrooms, family room, sunny aspect. Ph 517-587.
PARKLANDS. $96,000. Modern 4 bedroom home with sunny living areas, lovely gardens. MREINZ.
PATEA
$30,000 deposit, balance by arrangement. Large ex cool store complex situated on Patea River with rail and full siding at door. Building approx. 2,000 sq ft with approx. 4000 sq ft area. Extensively equipped. Good investment or commercial development.
Phone 8169 RANGIORA. Phone Wanganui 47-968 evening only.
N. Bakes 15 Seafront Road WANGANUI
PINES BEACH, $30,500, Excel. 3 bdrm cottage, ideal holiday or permanent, phone Rangiora 8041.
PREBLETON, $65,000. Five acres, large 4 bdrm home. MREINZ.
PREBLETON, $68,500. Lovely Spanish style home on 1 acre. MREINZ.
Properties for Sale
RANGIORA, $72,500. Owners transferred. Beautiful conservatory, private barbeque area, open plan living, sunny family kitchen with step down to huge lounge, dining area, double garage, tidy, this is an exceptional house. MREINZ, 529-455, a.h. 525-795.
RANGER STREET, Yes, only $82,950 for this new 3 bedroom plus study Tudor style home, featuring large sunny lounge, kitchen, dining room. Sole agents, MREINZ.
RANGIORA, exclusive listing. Town Belt. Elegant style 3 bdrm cottage with lots of character, warm and sunny, sep. double garage, easy care 600 sq m section, lovely gardens, separate sleepout, workshop. Sole agents. MREINZ, 327-609.
RANGIORA, mod. 3 bdrm Summerfield stone home in quiet garden, close to park and school, quality home, vendor finance available. MREINZ, Rangiora 8169.
RANGIORA, modern home, Spacious 3 bdrm, 2 living area, large lounge, established trees and shrubs, open plan, Sole agents.
RANGIORA, new quality home on a well landscaped section, 3 bdrms, lounge, dining, separate family room, well presented. MREINZ.
RANGIORA
Cathcart
REAL ESTATE MREINZ
GARDEN lover's gem. First time offered on behalf of original owner. Most attractive 3 bedroom permanent material residence, situated on 60 sq m of landscaped garden. Lounge with open fire, dining with ranchslider to private patio. Phone Cathcart, MREINZ, a.h. 8169.
REDCLIFFS, perm. mat. home, great buying, two bdrms, tastefully decorated, good views, low maintenance. MREINZ.
REDCLIFFS, (Bridle Path). Investment, tidy, sunny three bdrm home, landscaped, superb views. MREINZ.
RANGIORA, Weatherboard bungalow, 3 bdrms, open fire, lounge, sep dining, sunny, large section. MREINZ.
CHARACTER home, 3 bdrms, renovated, very tidy and presented, country feel, ideal first home buyer. Ph 8169.
GREAT BUYING! 3 bdrm permanent home, well fenced, sunny, landscaped section, double garage. Ph. MREINZ.
IDEAL first home, 2 bdrm cottage, garden, sunny. $52,000. MREINZ.
A GARDENERS DREAM. Immaculate 3 bdrm home in quiet area. Cathcart Real Estate, MREINZ.
OWNERSHIP FLAT. Attractive 2 bdrm, garage. Ph. MREINZ.
SITUATED in a most attractive olive sunny area. Sole agents, Stephens Real Estate.
FIRST time offered, 4 bdrm family home, large lounge, separate dining, sunny aspects, large section. MREINZ.
$120,000 — Ideal family home on large private section with mature trees, 4 bedrooms. Ph 8169.
$95,000 — Two storey home in good position, with separate lounges and living areas. MREINZ.
$95,000 — Excellent family home on a ¼ acre section. MREINZ.
$108,000 — Colonial style near new family home, 4 bdrms, double garage. MREINZ.
$85,000 — Other style permanent material home, close to town. Ph 8169.
Properties for Sale
RANGIORA, $89,000, new listing. Permanent material, sunny lounge, spacious living room opening onto covered terrace. Big modern kitchen, family room. Large 2 bdrms, double internal garage. Set on level, attractive garden section. Phone. Rangiora 7379 a.h. Rangiora 25-818.
RANGIORA, $73,000, modern 3 year old 3 bdrm summerfield stone home, sunny lounge, close to schools and shops. Cathcart, MREINZ, Rangiora 8169.
RANGIORA, A home of distinction commanding superb views, 4 bdrm home with 2 living areas. MREINZ.
RANGIORA, $85,000. Immaculate home on corner site, 3 bdrms, dbl garage. Ph 8169.
RANGIORA, $69,500. A charming older home, 3 bdrms. Sole agents. Cathcart.
RANGIORA. Character home in town belt, 4 bedrooms, open fire and separate dining. MREINZ.
RANGIORA. Unique modern home close to shops and town, 3 bdrms, sunny, landscaped section. MREINZ.
RANGIORA, 3 bdrm brick home on quarter acre, well kept, double garage. Rangiora 8169.
REDCLIFFS, Moorings, sunny living and 3 bdrm, lounge, garage, superb views. MREINZ.
K
E
N
T
PRIER
RESIDENTIAL
Ph 335-134 a.h. 356-707.
REDCLIFFS, $108,000
FIRST time offered. Three bdrm bungalow on elevated section. Wonderful sheltered garden. Sunny, easy care living. Double garage. MREINZ.
REDCLIFFS, $110,000. Fabulous executive home, constructed by master builder, 3 large bedrooms, lounge, family room and double garage, landscaped. MREINZ.
REDCLIFFS. Investment, tidy, 3 bdrm. Ph. MREINZ.
REDWOOD, $63,500. Immaculate 3 bdrm, open plan living, large section. MREINZ.
REDWOOD, $65,000. Halswell, Hornby and Redwood. Three bdrm family home, excellent condition. Ph. MREINZ.
REDWOOD, $69,000. Beautiful brick home, well presented, 3 bdrms, large garage. MREINZ.
REDWOOD, $71,500. Lovely home, 3 bdrms. MREINZ.
REDWOOD. $63,500. Spacious 3 bdrm brick home. MREINZ.
REDWOOD, $63,000. Immaculate 3 bdrm home with new roof. Ph 335-134.
EXCELLENT family home, 3 bedrooms, large living areas. MREINZ.
JOLLIFFES
REAL ESTATE
